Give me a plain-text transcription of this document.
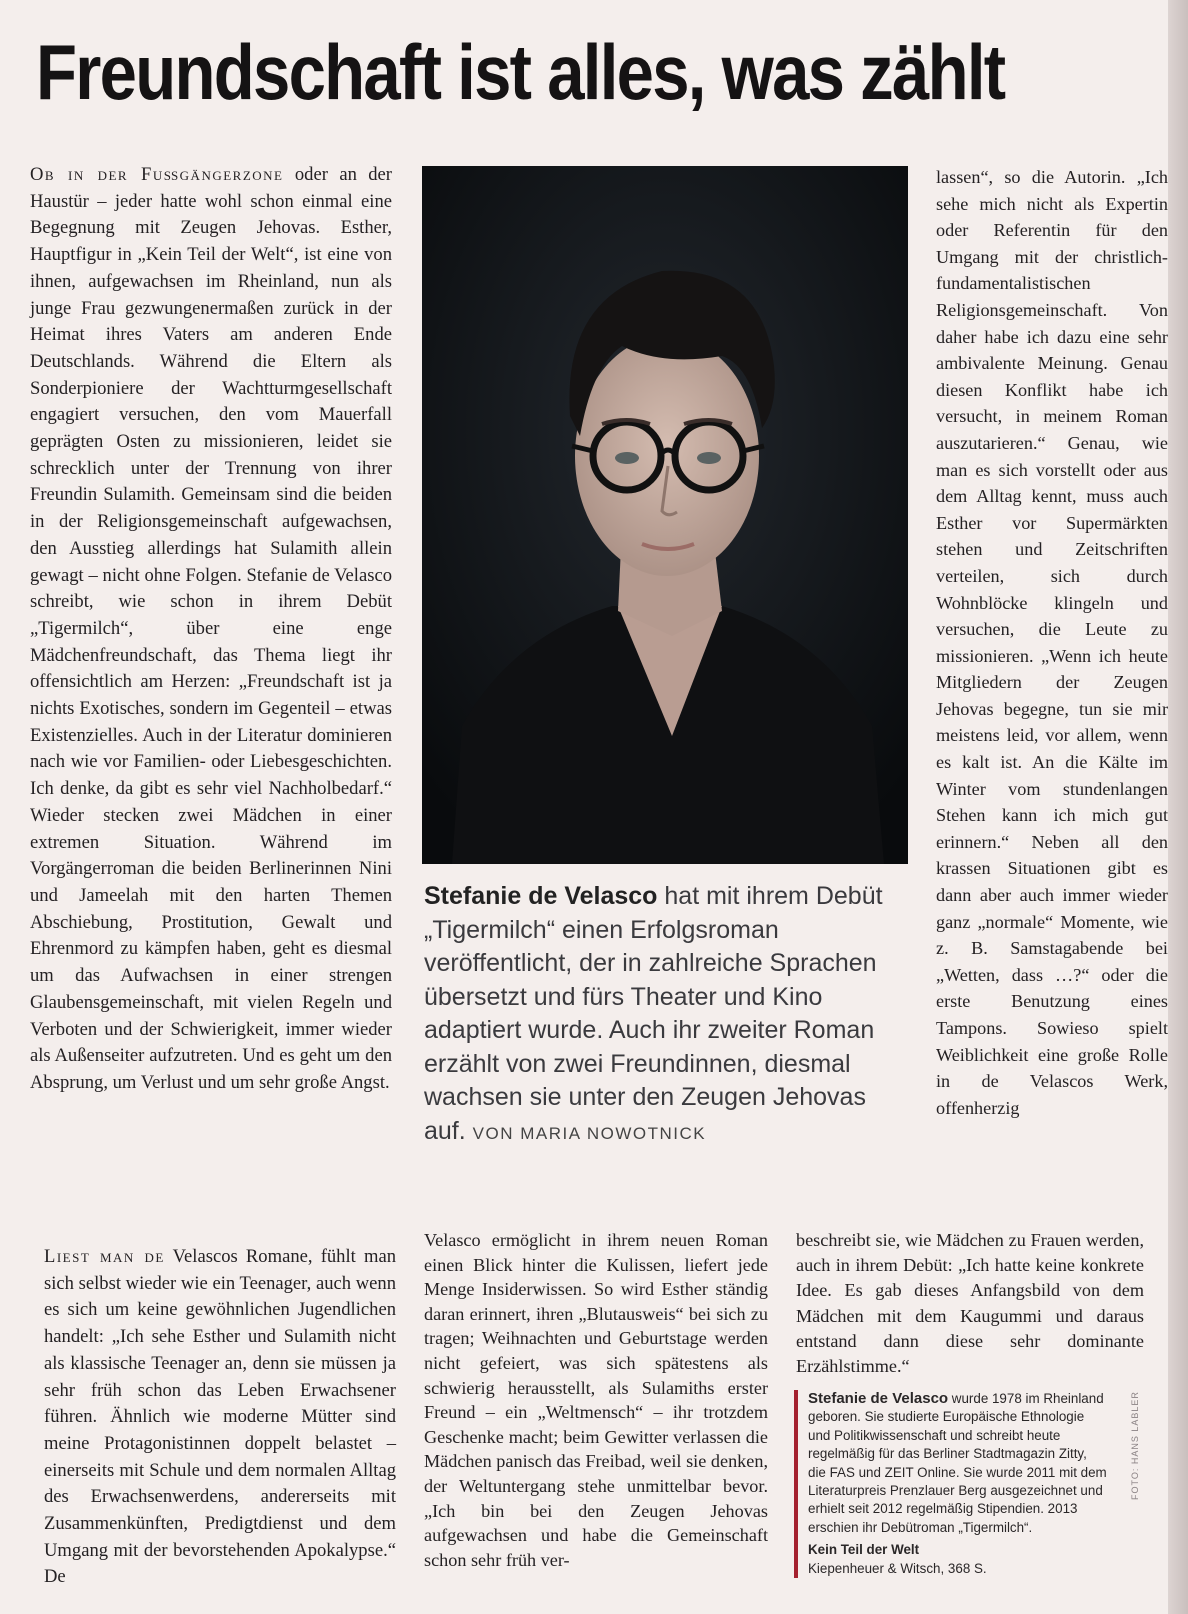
Freundschaft ist alles, was zählt

Ob in der Fußgängerzone oder an der Haustür – jeder hatte wohl schon einmal eine Begegnung mit Zeugen Jehovas. Esther, Hauptfigur in „Kein Teil der Welt“, ist eine von ihnen, aufgewachsen im Rheinland, nun als junge Frau gezwungenermaßen zurück in der Heimat ihres Vaters am anderen Ende Deutschlands. Während die Eltern als Sonderpioniere der Wachtturmgesellschaft engagiert versuchen, den vom Mauerfall geprägten Osten zu missionieren, leidet sie schrecklich unter der Trennung von ihrer Freundin Sulamith. Gemeinsam sind die beiden in der Religionsgemeinschaft aufgewachsen, den Ausstieg allerdings hat Sulamith allein gewagt – nicht ohne Folgen. Stefanie de Velasco schreibt, wie schon in ihrem Debüt „Tigermilch“, über eine enge Mädchenfreundschaft, das Thema liegt ihr offensichtlich am Herzen: „Freundschaft ist ja nichts Exotisches, sondern im Gegenteil – etwas Existenzielles. Auch in der Literatur dominieren nach wie vor Familien- oder Liebesgeschichten. Ich denke, da gibt es sehr viel Nachholbedarf.“ Wieder stecken zwei Mädchen in einer extremen Situation. Während im Vorgängerroman die beiden Berlinerinnen Nini und Jameelah mit den harten Themen Abschiebung, Prostitution, Gewalt und Ehrenmord zu kämpfen haben, geht es diesmal um das Aufwachsen in einer strengen Glaubensgemeinschaft, mit vielen Regeln und Verboten und der Schwierigkeit, immer wieder als Außenseiter aufzutreten. Und es geht um den Absprung, um Verlust und um sehr große Angst.

Liest man de Velascos Romane, fühlt man sich selbst wieder wie ein Teenager, auch wenn es sich um keine gewöhnlichen Jugendlichen handelt: „Ich sehe Esther und Sulamith nicht als klassische Teenager an, denn sie müssen ja sehr früh schon das Leben Erwachsener führen. Ähnlich wie moderne Mütter sind meine Protagonistinnen doppelt belastet – einerseits mit Schule und dem normalen Alltag des Erwachsenwerdens, andererseits mit Zusammenkünften, Predigtdienst und dem Umgang mit der bevorstehenden Apokalypse.“ De

Stefanie de Velasco hat mit ihrem Debüt „Tigermilch“ einen Erfolgsroman veröffentlicht, der in zahlreiche Sprachen übersetzt und fürs Theater und Kino adaptiert wurde. Auch ihr zweiter Roman erzählt von zwei Freundinnen, diesmal wachsen sie unter den Zeugen Jehovas auf. VON MARIA NOWOTNICK

Velasco ermöglicht in ihrem neuen Roman einen Blick hinter die Kulissen, liefert jede Menge Insiderwissen. So wird Esther ständig daran erinnert, ihren „Blutausweis“ bei sich zu tragen; Weihnachten und Geburtstage werden nicht gefeiert, was sich spätestens als schwierig herausstellt, als Sulamiths erster Freund – ein „Weltmensch“ – ihr trotzdem Geschenke macht; beim Gewitter verlassen die Mädchen panisch das Freibad, weil sie denken, der Weltuntergang stehe unmittelbar bevor. „Ich bin bei den Zeugen Jehovas aufgewachsen und habe die Gemeinschaft schon sehr früh ver-

lassen“, so die Autorin. „Ich sehe mich nicht als Expertin oder Referentin für den Umgang mit der christlich-fundamentalistischen Religionsgemeinschaft. Von daher habe ich dazu eine sehr ambivalente Meinung. Genau diesen Konflikt habe ich versucht, in meinem Roman auszutarieren.“ Genau, wie man es sich vorstellt oder aus dem Alltag kennt, muss auch Esther vor Supermärkten stehen und Zeitschriften verteilen, sich durch Wohnblöcke klingeln und versuchen, die Leute zu missionieren. „Wenn ich heute Mitgliedern der Zeugen Jehovas begegne, tun sie mir meistens leid, vor allem, wenn es kalt ist. An die Kälte im Winter vom stundenlangen Stehen kann ich mich gut erinnern.“ Neben all den krassen Situationen gibt es dann aber auch immer wieder ganz „normale“ Momente, wie z. B. Samstagabende bei „Wetten, dass …?“ oder die erste Benutzung eines Tampons. Sowieso spielt Weiblichkeit eine große Rolle in de Velascos Werk, offenherzig

beschreibt sie, wie Mädchen zu Frauen werden, auch in ihrem Debüt: „Ich hatte keine konkrete Idee. Es gab dieses Anfangsbild von dem Mädchen mit dem Kaugummi und daraus entstand dann diese sehr dominante Erzählstimme.“

Stefanie de Velasco wurde 1978 im Rheinland geboren. Sie studierte Europäische Ethnologie und Politikwissenschaft und schreibt heute regelmäßig für das Berliner Stadtmagazin Zitty, die FAS und ZEIT Online. Sie wurde 2011 mit dem Literaturpreis Prenzlauer Berg ausgezeichnet und erhielt seit 2012 regelmäßig Stipendien. 2013 erschien ihr Debütroman „Tigermilch“.
Kein Teil der Welt
Kiepenheuer & Witsch, 368 S.
FOTO: HANS LABLER
